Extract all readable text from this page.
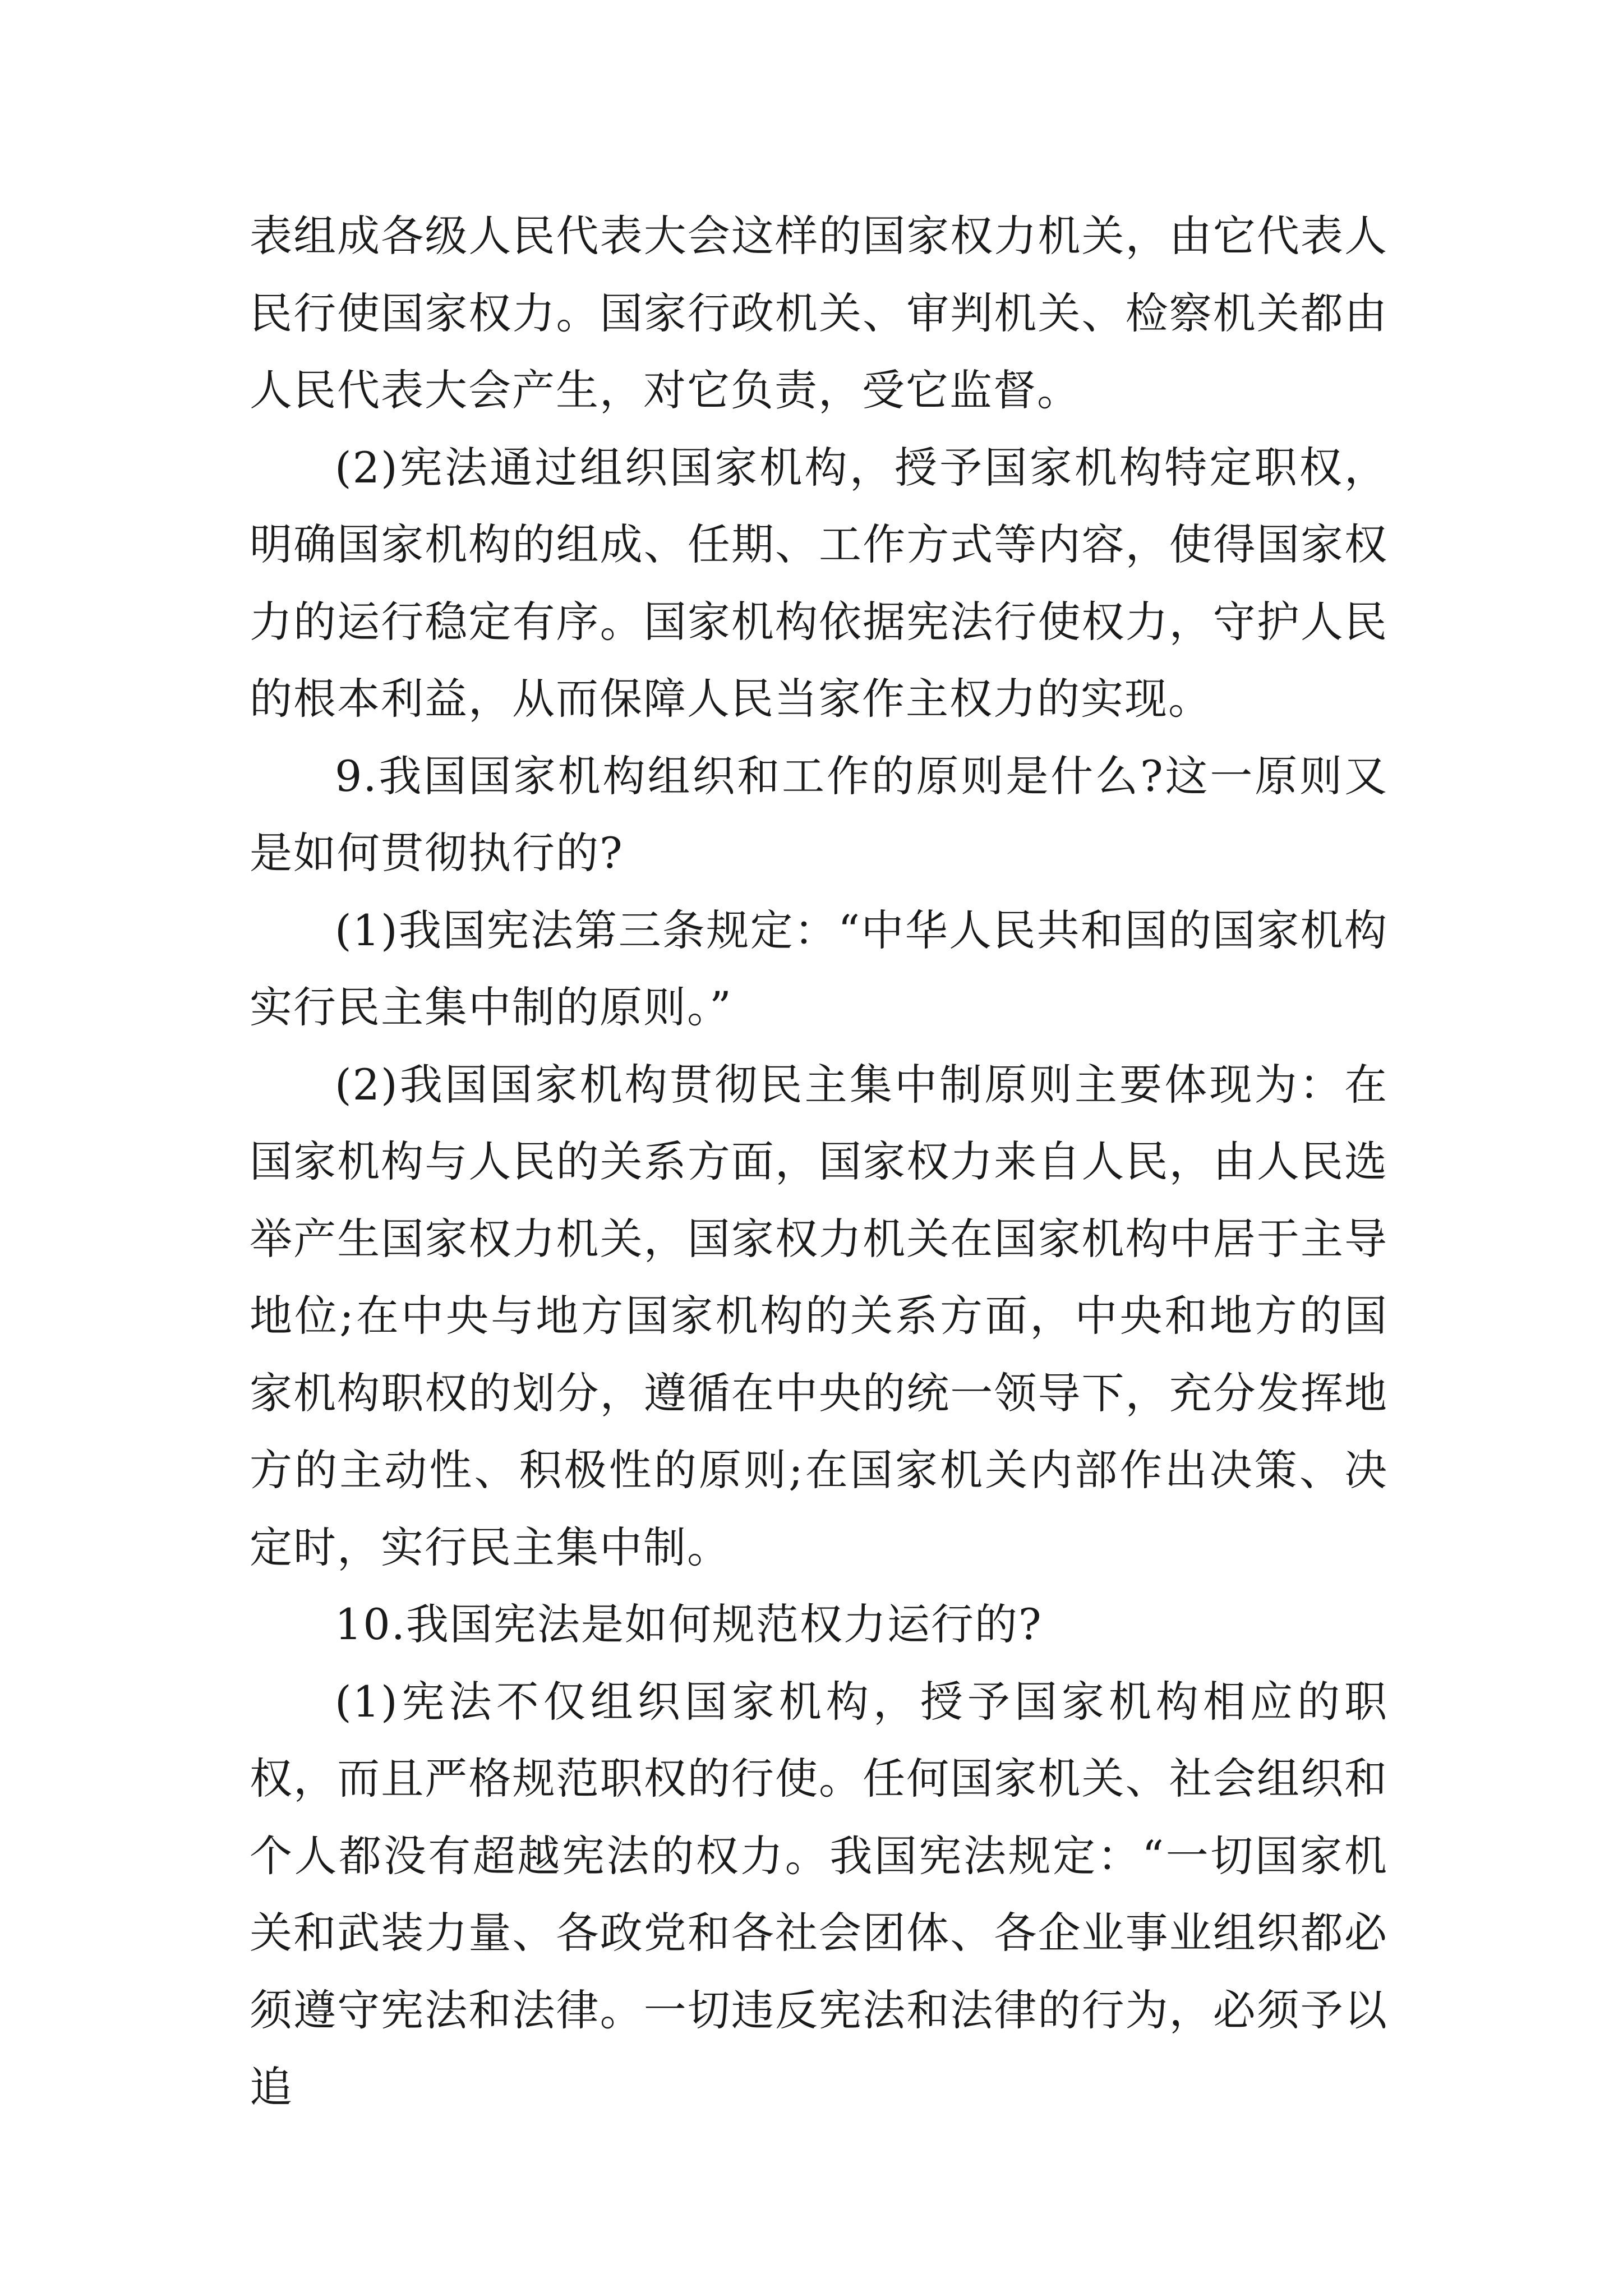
表组成各级人民代表大会这样的国家权力机关，由它代表人民行使国家权力。国家行政机关、审判机关、检察机关都由人民代表大会产生，对它负责，受它监督。

(2)宪法通过组织国家机构，授予国家机构特定职权，明确国家机构的组成、任期、工作方式等内容，使得国家权力的运行稳定有序。国家机构依据宪法行使权力，守护人民的根本利益，从而保障人民当家作主权力的实现。

9.我国国家机构组织和工作的原则是什么?这一原则又是如何贯彻执行的?

(1)我国宪法第三条规定：“中华人民共和国的国家机构实行民主集中制的原则。”

(2)我国国家机构贯彻民主集中制原则主要体现为：在国家机构与人民的关系方面，国家权力来自人民，由人民选举产生国家权力机关，国家权力机关在国家机构中居于主导地位;在中央与地方国家机构的关系方面，中央和地方的国家机构职权的划分，遵循在中央的统一领导下，充分发挥地方的主动性、积极性的原则;在国家机关内部作出决策、决定时，实行民主集中制。

10.我国宪法是如何规范权力运行的?

(1)宪法不仅组织国家机构，授予国家机构相应的职权，而且严格规范职权的行使。任何国家机关、社会组织和个人都没有超越宪法的权力。我国宪法规定：“一切国家机关和武装力量、各政党和各社会团体、各企业事业组织都必须遵守宪法和法律。一切违反宪法和法律的行为，必须予以追
